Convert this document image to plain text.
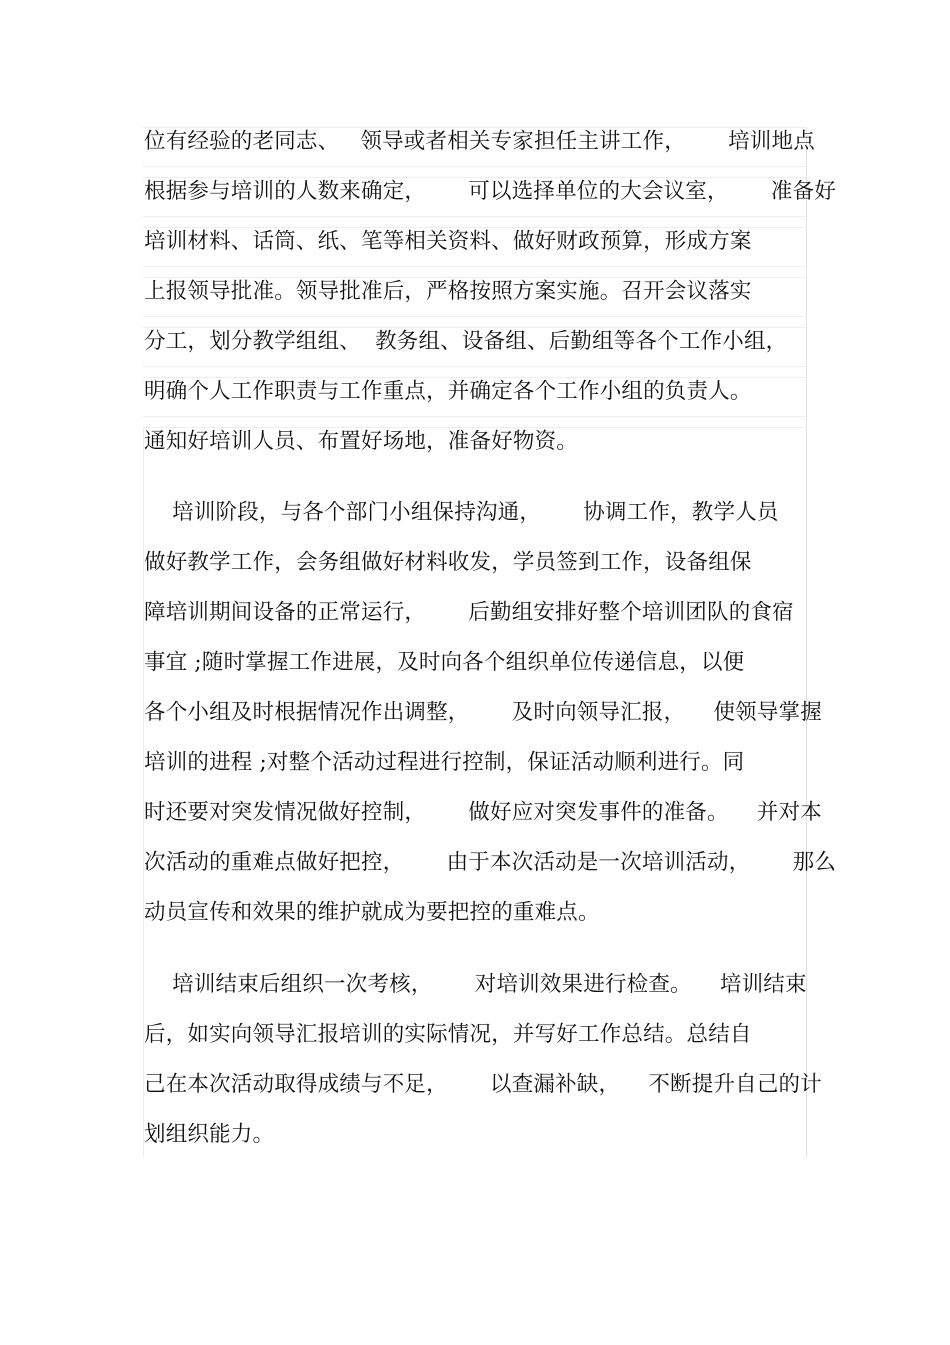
位有经验的老同志、   领导或者相关专家担任主讲工作，      培训地点
根据参与培训的人数来确定，      可以选择单位的大会议室，      准备好
培训材料、话筒、纸、笔等相关资料、做好财政预算，形成方案
上报领导批准。领导批准后，严格按照方案实施。召开会议落实
分工，划分教学组组、  教务组、设备组、后勤组等各个工作小组，
明确个人工作职责与工作重点，并确定各个工作小组的负责人。
通知好培训人员、布置好场地，准备好物资。
培训阶段，与各个部门小组保持沟通，      协调工作，教学人员
做好教学工作，会务组做好材料收发，学员签到工作，设备组保
障培训期间设备的正常运行，      后勤组安排好整个培训团队的食宿
事宜 ;随时掌握工作进展，及时向各个组织单位传递信息，以便
各个小组及时根据情况作出调整，      及时向领导汇报，    使领导掌握
培训的进程 ;对整个活动过程进行控制，保证活动顺利进行。同
时还要对突发情况做好控制，      做好应对突发事件的准备。    并对本
次活动的重难点做好把控，      由于本次活动是一次培训活动，      那么
动员宣传和效果的维护就成为要把控的重难点。
培训结束后组织一次考核，      对培训效果进行检查。    培训结束
后，如实向领导汇报培训的实际情况，并写好工作总结。总结自
己在本次活动取得成绩与不足，      以查漏补缺，    不断提升自己的计
划组织能力。
